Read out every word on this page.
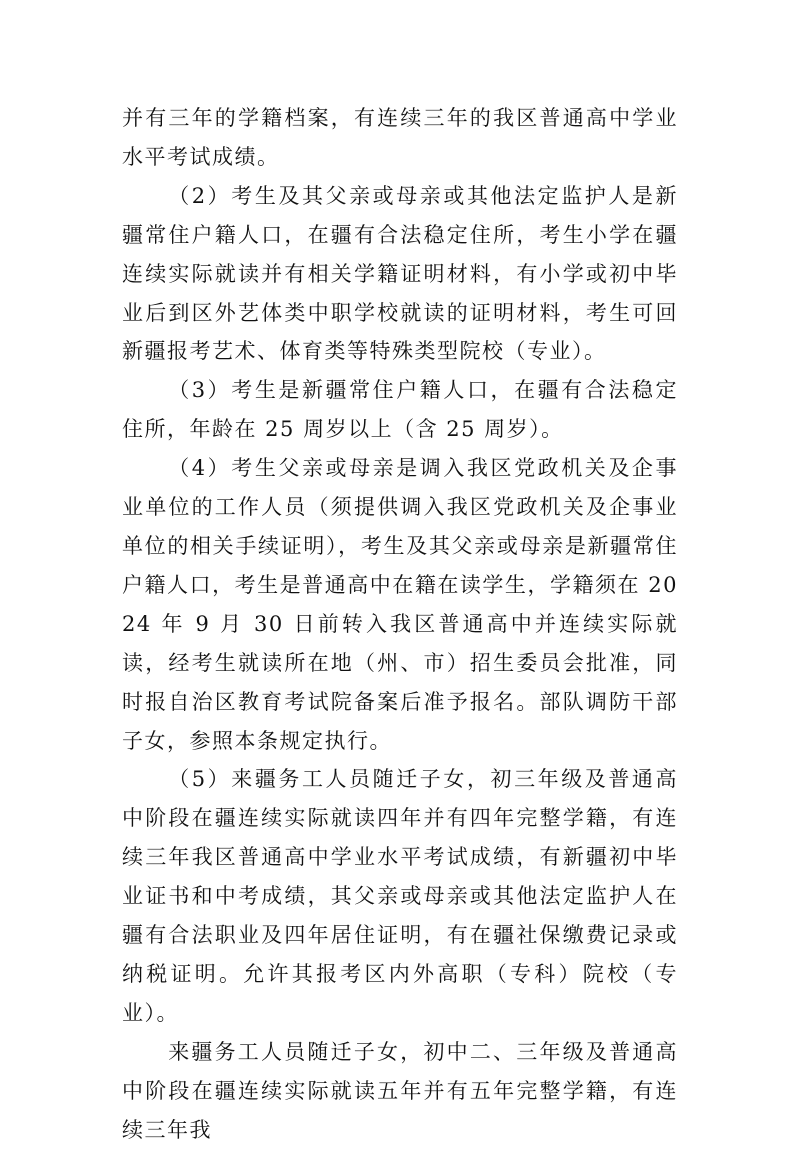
并有三年的学籍档案，有连续三年的我区普通高中学业水平考试成绩。

（2）考生及其父亲或母亲或其他法定监护人是新疆常住户籍人口，在疆有合法稳定住所，考生小学在疆连续实际就读并有相关学籍证明材料，有小学或初中毕业后到区外艺体类中职学校就读的证明材料，考生可回新疆报考艺术、体育类等特殊类型院校（专业）。

（3）考生是新疆常住户籍人口，在疆有合法稳定住所，年龄在 25 周岁以上（含 25 周岁）。

（4）考生父亲或母亲是调入我区党政机关及企事业单位的工作人员（须提供调入我区党政机关及企事业单位的相关手续证明），考生及其父亲或母亲是新疆常住户籍人口，考生是普通高中在籍在读学生，学籍须在 2024 年 9 月 30 日前转入我区普通高中并连续实际就读，经考生就读所在地（州、市）招生委员会批准，同时报自治区教育考试院备案后准予报名。部队调防干部子女，参照本条规定执行。

（5）来疆务工人员随迁子女，初三年级及普通高中阶段在疆连续实际就读四年并有四年完整学籍，有连续三年我区普通高中学业水平考试成绩，有新疆初中毕业证书和中考成绩，其父亲或母亲或其他法定监护人在疆有合法职业及四年居住证明，有在疆社保缴费记录或纳税证明。允许其报考区内外高职（专科）院校（专业）。

来疆务工人员随迁子女，初中二、三年级及普通高中阶段在疆连续实际就读五年并有五年完整学籍，有连续三年我
